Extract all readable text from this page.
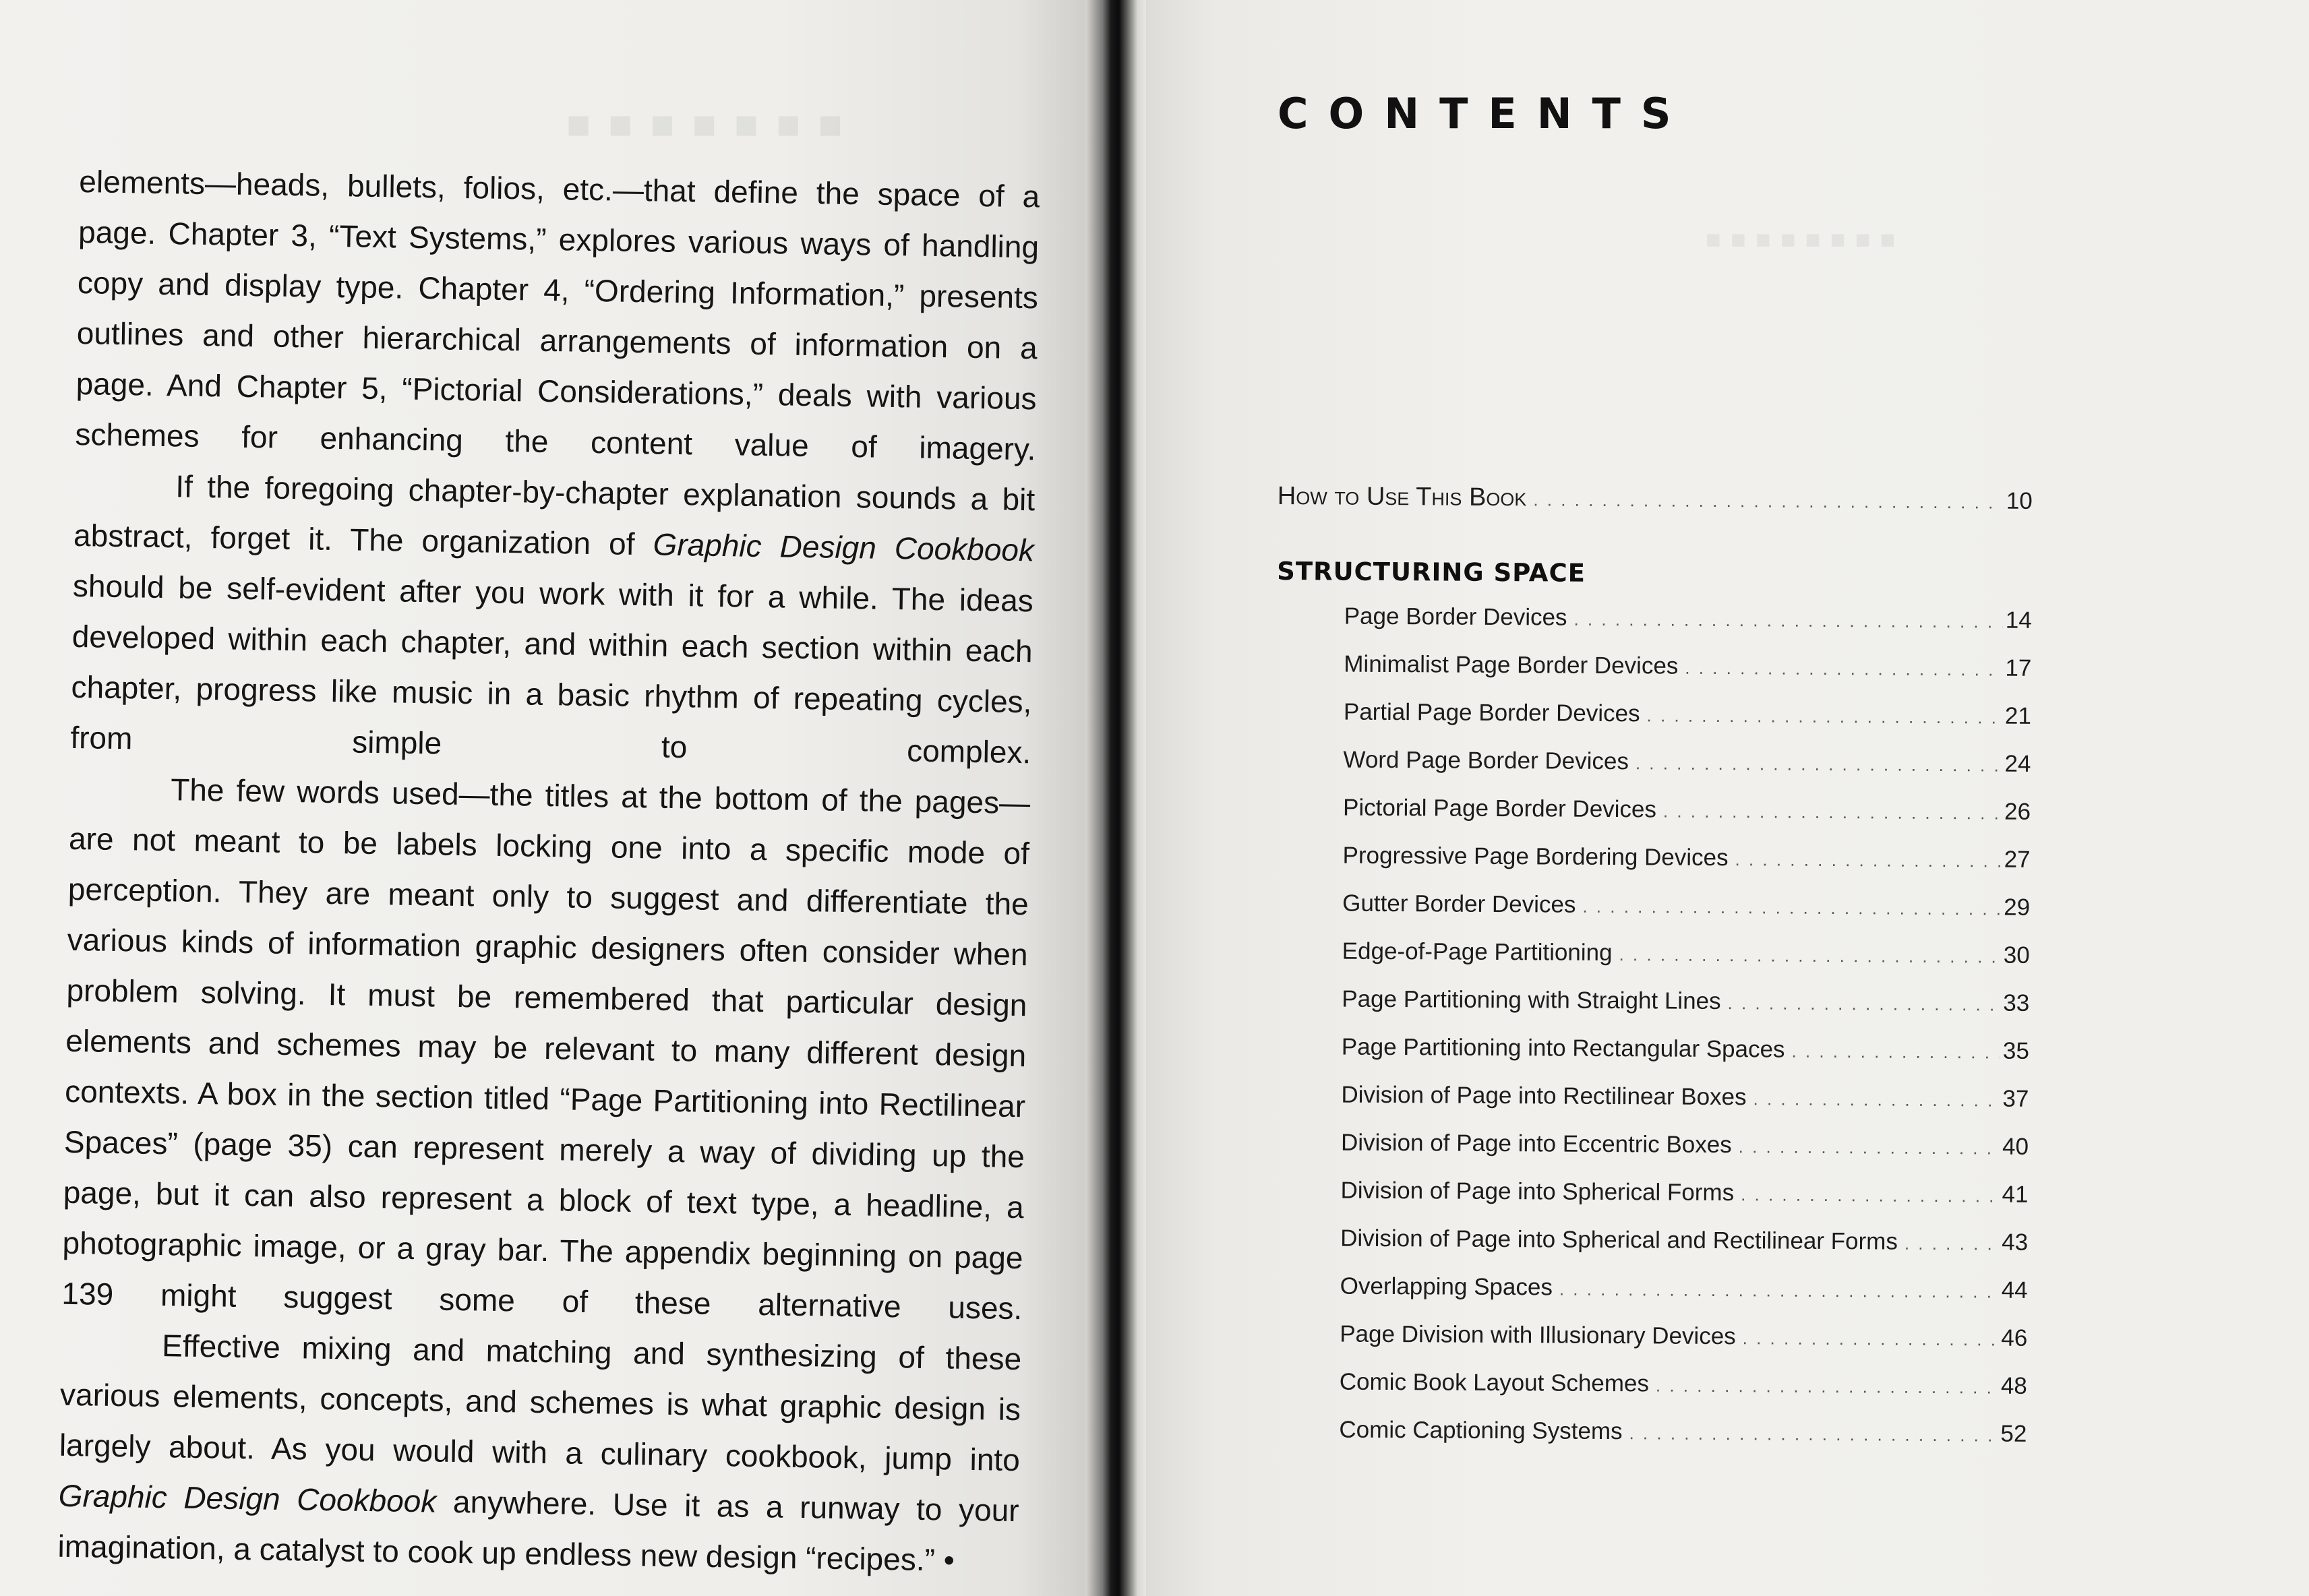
■■■■■■■

elements—heads, bullets, folios, etc.—that define the space of a page. Chapter 3, “Text Systems,” explores various ways of handling copy and display type. Chapter 4, “Ordering Information,” presents outlines and other hierarchical arrangements of information on a page. And Chapter 5, “Pictorial Considerations,” deals with various schemes for enhancing the content value of imagery.

If the foregoing chapter-by-chapter explanation sounds a bit abstract, forget it. The organization of Graphic Design Cookbook should be self-evident after you work with it for a while. The ideas developed within each chapter, and within each section within each chapter, progress like music in a basic rhythm of repeating cycles, from simple to complex.

The few words used—the titles at the bottom of the pages—are not meant to be labels locking one into a specific mode of perception. They are meant only to suggest and differentiate the various kinds of information graphic designers often consider when problem solving. It must be remembered that particular design elements and schemes may be relevant to many different design contexts. A box in the section titled “Page Partitioning into Rectilinear Spaces” (page 35) can represent merely a way of dividing up the page, but it can also represent a block of text type, a headline, a photographic image, or a gray bar. The appendix beginning on page 139 might suggest some of these alternative uses.

Effective mixing and matching and synthesizing of these various elements, concepts, and schemes is what graphic design is largely about. As you would with a culinary cookbook, jump into Graphic Design Cookbook anywhere. Use it as a runway to your imagination, a catalyst to cook up endless new design “recipes.” •

■■■■■■■■
CONTENTS
How to Use This Book . . .	10
STRUCTURING SPACE
Page Border Devices . . .	14
Minimalist Page Border Devices . . .	17
Partial Page Border Devices . . .	21
Word Page Border Devices . . .	24
Pictorial Page Border Devices . . .	26
Progressive Page Bordering Devices . . .	27
Gutter Border Devices . . .	29
Edge-of-Page Partitioning . . .	30
Page Partitioning with Straight Lines . . .	33
Page Partitioning into Rectangular Spaces . . .	35
Division of Page into Rectilinear Boxes . . .	37
Division of Page into Eccentric Boxes . . .	40
Division of Page into Spherical Forms . . .	41
Division of Page into Spherical and Rectilinear Forms . . .	43
Overlapping Spaces . . .	44
Page Division with Illusionary Devices . . .	46
Comic Book Layout Schemes . . .	48
Comic Captioning Systems . . .	52
